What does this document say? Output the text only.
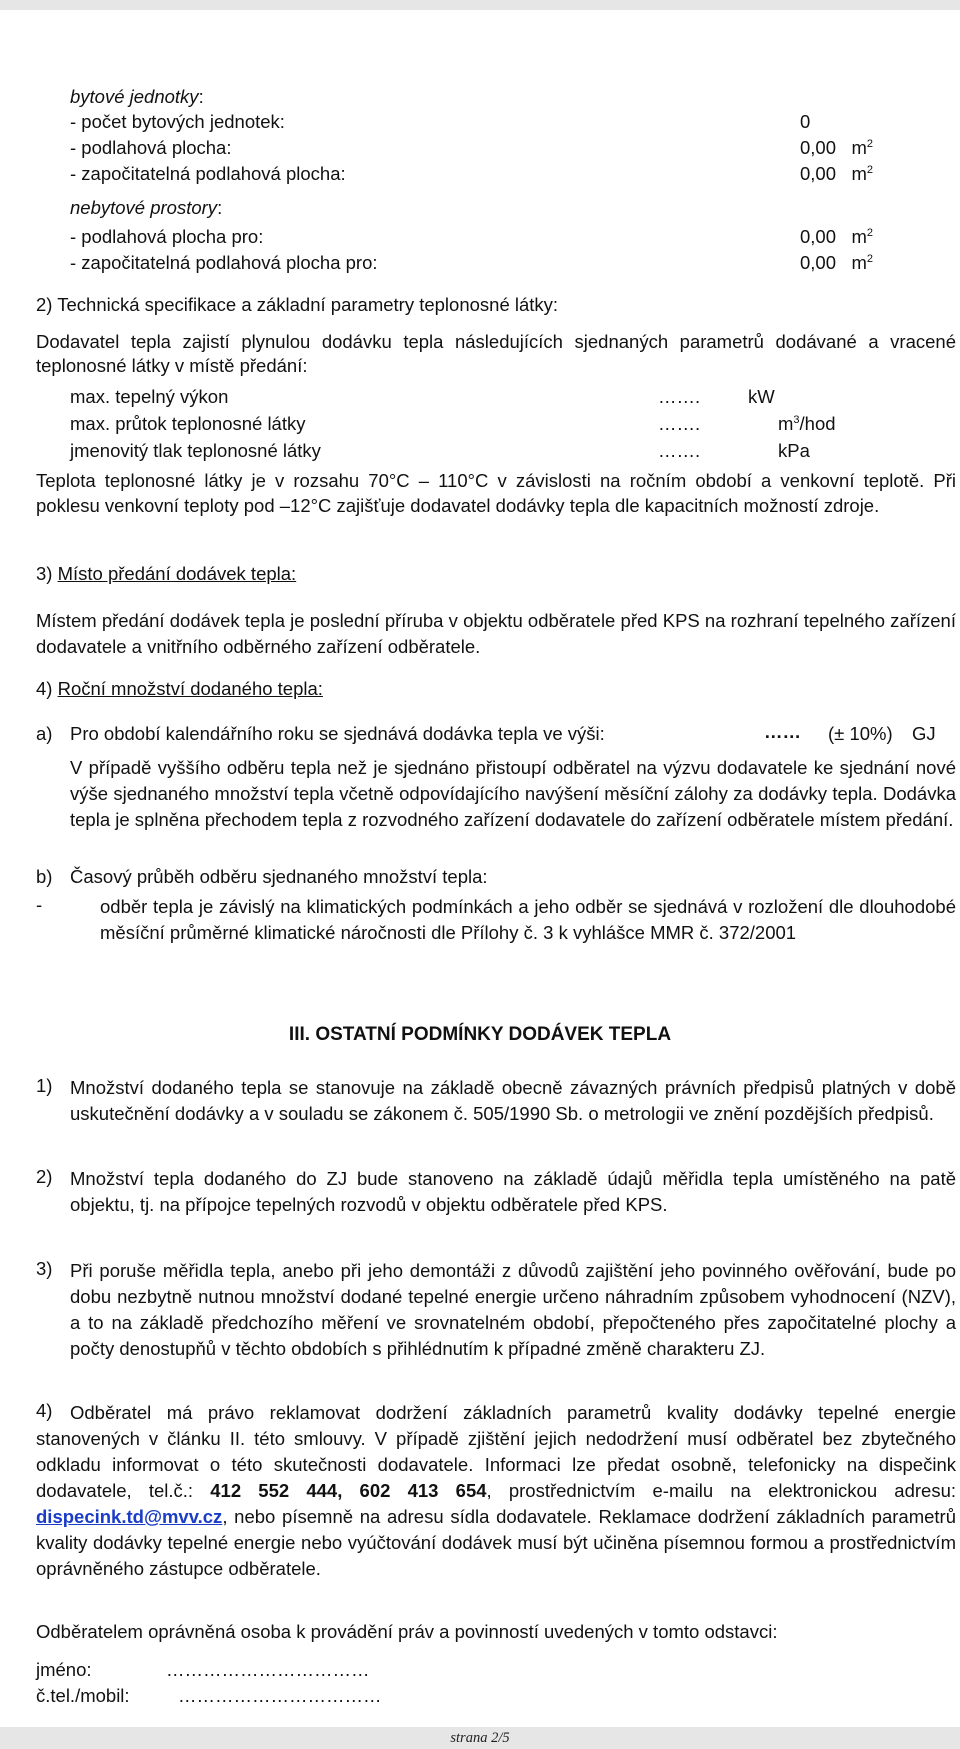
bytové jednotky:
- počet bytových jednotek:	0
- podlahová plocha:	0,00 $m^2$
- započitatelná podlahová plocha:	0,00 $m^2$
nebytové prostory:
- podlahová plocha pro:	0,00 $m^2$
- započitatelná podlahová plocha pro:	0,00 $m^2$
2) Technická specifikace a základní parametry teplonosné látky:
Dodavatel tepla zajistí plynulou dodávku tepla následujících sjednaných parametrů dodávané a vracené teplonosné látky v místě předání:
max. tepelný výkon	…….	kW
max. průtok teplonosné látky	…….	$m^3$/hod
jmenovitý tlak teplonosné látky	…….	kPa
Teplota teplonosné látky je v rozsahu 70°C – 110°C v závislosti na ročním období a venkovní teplotě. Při poklesu venkovní teploty pod –12°C zajišťuje dodavatel dodávky tepla dle kapacitních možností zdroje.
3) Místo předání dodávek tepla:
Místem předání dodávek tepla je poslední příruba v objektu odběratele před KPS na rozhraní tepelného zařízení dodavatele a vnitřního odběrného zařízení odběratele.
4) Roční množství dodaného tepla:
a) Pro období kalendářního roku se sjednává dodávka tepla ve výši:	…… (± 10%) GJ
V případě vyššího odběru tepla než je sjednáno přistoupí odběratel na výzvu dodavatele ke sjednání nové výše sjednaného množství tepla včetně odpovídajícího navýšení měsíční zálohy za dodávky tepla. Dodávka tepla je splněna přechodem tepla z rozvodného zařízení dodavatele do zařízení odběratele místem předání.
b) Časový průběh odběru sjednaného množství tepla:
-	odběr tepla je závislý na klimatických podmínkách a jeho odběr se sjednává v rozložení dle dlouhodobé měsíční průměrné klimatické náročnosti dle Přílohy č. 3 k vyhlášce MMR č. 372/2001
III. OSTATNÍ PODMÍNKY DODÁVEK TEPLA
1) Množství dodaného tepla se stanovuje na základě obecně závazných právních předpisů platných v době uskutečnění dodávky a v souladu se zákonem č. 505/1990 Sb. o metrologii ve znění pozdějších předpisů.
2) Množství tepla dodaného do ZJ bude stanoveno na základě údajů měřidla tepla umístěného na patě objektu, tj. na přípojce tepelných rozvodů v objektu odběratele před KPS.
3) Při poruše měřidla tepla, anebo při jeho demontáži z důvodů zajištění jeho povinného ověřování, bude po dobu nezbytně nutnou množství dodané tepelné energie určeno náhradním způsobem vyhodnocení (NZV), a to na základě předchozího měření ve srovnatelném období, přepočteného přes započitatelné plochy a počty denostupňů v těchto obdobích s přihlédnutím k případné změně charakteru ZJ.
4) Odběratel má právo reklamovat dodržení základních parametrů kvality dodávky tepelné energie stanovených v článku II. této smlouvy. V případě zjištění jejich nedodržení musí odběratel bez zbytečného odkladu informovat o této skutečnosti dodavatele. Informaci lze předat osobně, telefonicky na dispečink dodavatele, tel.č.: 412 552 444, 602 413 654, prostřednictvím e-mailu na elektronickou adresu: dispecink.td@mvv.cz, nebo písemně na adresu sídla dodavatele. Reklamace dodržení základních parametrů kvality dodávky tepelné energie nebo vyúčtování dodávek musí být učiněna písemnou formou a prostřednictvím oprávněného zástupce odběratele.
Odběratelem oprávněná osoba k provádění práv a povinností uvedených v tomto odstavci:
jméno:	……………………………
č.tel./mobil:	……………………………
strana 2/5
